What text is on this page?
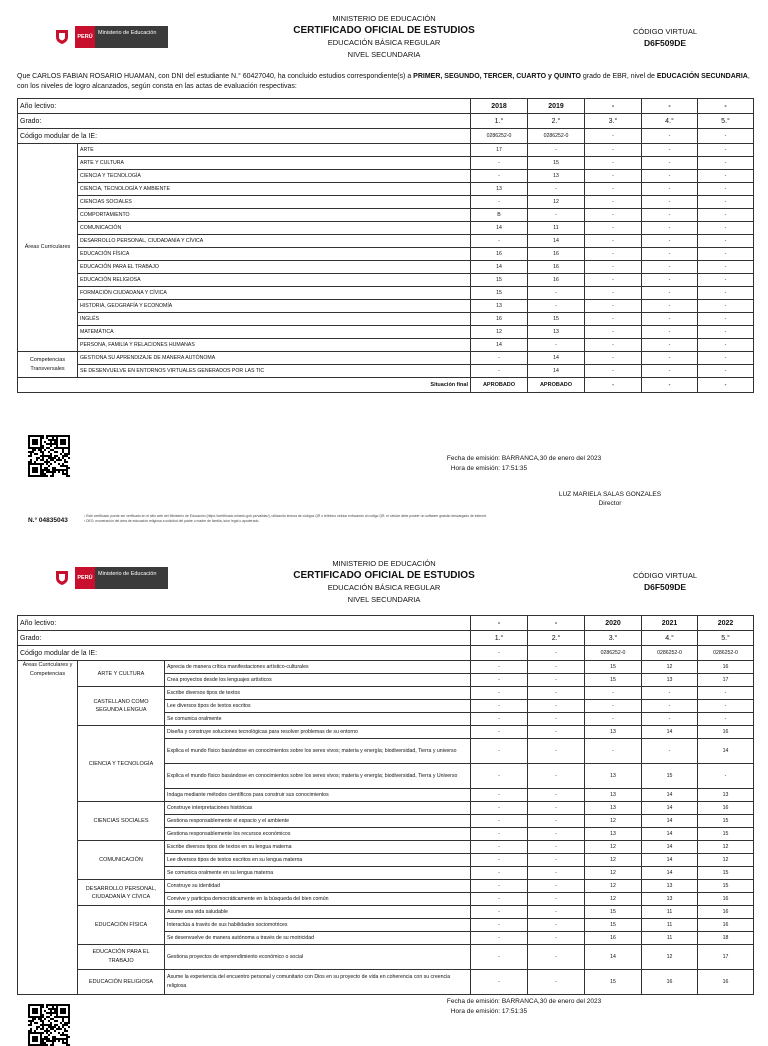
PERÚ
Ministerio de Educación
MINISTERIO DE EDUCACIÓN
CERTIFICADO OFICIAL DE ESTUDIOS
EDUCACIÓN BÁSICA REGULAR
NIVEL SECUNDARIA
CÓDIGO VIRTUAL
D6F509DE
Que CARLOS FABIAN ROSARIO HUAMAN, con DNI del estudiante N.° 60427040, ha concluido estudios correspondiente(s) a PRIMER, SEGUNDO, TERCER, CUARTO y QUINTO grado de EBR, nivel de EDUCACIÓN SECUNDARIA, con los niveles de logro alcanzados, según consta en las actas de evaluación respectivas:
Año lectivo:		2018	2019	-	-	-
Grado:		1.°	2.°	3.°	4.°	5.°
Código modular de la IE:		0286252-0	0286252-0	-	-	-
Áreas Curriculares	ARTE	17	-	-	-	-
	ARTE Y CULTURA	-	15	-	-	-
	CIENCIA Y TECNOLOGÍA	-	13	-	-	-
	CIENCIA, TECNOLOGÍA Y AMBIENTE	13	-	-	-	-
	CIENCIAS SOCIALES	-	12	-	-	-
	COMPORTAMIENTO	B	-	-	-	-
	COMUNICACIÓN	14	11	-	-	-
	DESARROLLO PERSONAL, CIUDADANÍA Y CÍVICA	-	14	-	-	-
	EDUCACIÓN FÍSICA	16	16	-	-	-
	EDUCACIÓN PARA EL TRABAJO	14	16	-	-	-
	EDUCACIÓN RELIGIOSA	15	16	-	-	-
	FORMACIÓN CIUDADANA Y CÍVICA	15	-	-	-	-
	HISTORIA, GEOGRAFÍA Y ECONOMÍA	13	-	-	-	-
	INGLÉS	16	15	-	-	-
	MATEMÁTICA	12	13	-	-	-
	PERSONA, FAMILIA Y RELACIONES HUMANAS	14	-	-	-	-
Competencias Transversales	GESTIONA SU APRENDIZAJE DE MANERA AUTÓNOMA	-	14	-	-	-
	SE DESENVUELVE EN ENTORNOS VIRTUALES GENERADOS POR LAS TIC	-	14	-	-	-
Situación final		APROBADO	APROBADO	-	-	-
N.° 04835043
Fecha de emisión: BARRANCA,30 de enero del 2023
Hora de emisión: 17:51:35
LUZ MARIELA SALAS GONZALES
Director
¹ Este certificado puede ser verificado en el sitio web del Ministerio de Educación (https://certificado.minedu.gob.pe/validar/), utilizando lectora de códigos QR o teléfono celular enfocando al código QR. el celular debe poseer un software gratuito descargado de internet.
² DEO: exoneración del área de educación religiosa a solicitud del padre o madre de familia, tutor legal o apoderado.
PERÚ
Ministerio de Educación
MINISTERIO DE EDUCACIÓN
CERTIFICADO OFICIAL DE ESTUDIOS
EDUCACIÓN BÁSICA REGULAR
NIVEL SECUNDARIA
CÓDIGO VIRTUAL
D6F509DE
Año lectivo:			-	-	2020	2021	2022
Grado:			1.°	2.°	3.°	4.°	5.°
Código modular de la IE:			-	-	0286252-0	0286252-0	0286252-0
Áreas Curriculares y Competencias	ARTE Y CULTURA	Aprecia de manera crítica manifestaciones artístico-culturales	-	-	15	12	16
		Crea proyectos desde los lenguajes artísticos	-	-	15	13	17
	CASTELLANO COMO SEGUNDA LENGUA	Escribe diversos tipos de textos	-	-	-	-	-
		Lee diversos tipos de textos escritos	-	-	-	-	-
		Se comunica oralmente	-	-	-	-	-
	CIENCIA Y TECNOLOGÍA	Diseña y construye soluciones tecnológicas para resolver problemas de su entorno	-	-	13	14	16
		Explica el mundo físico basándose en conocimientos sobre los seres vivos; materia y energía; biodiversidad, Tierra y universo	-	-	-	-	14
		Explica el mundo físico basándose en conocimientos sobre los seres vivos; materia y energía; biodiversidad, Tierra y Universo	-	-	13	15	-
		Indaga mediante métodos científicos para construir sus conocimientos	-	-	13	14	13
	CIENCIAS SOCIALES	Construye interpretaciones históricas	-	-	13	14	16
		Gestiona responsablemente el espacio y el ambiente	-	-	12	14	15
		Gestiona responsablemente los recursos económicos	-	-	13	14	15
	COMUNICACIÓN	Escribe diversos tipos de textos en su lengua materna	-	-	12	14	12
		Lee diversos tipos de textos escritos en su lengua materna	-	-	12	14	12
		Se comunica oralmente en su lengua materna	-	-	12	14	15
	DESARROLLO PERSONAL, CIUDADANÍA Y CÍVICA	Construye su identidad	-	-	12	13	15
		Convive y participa democráticamente en la búsqueda del bien común	-	-	12	13	16
	EDUCACIÓN FÍSICA	Asume una vida saludable	-	-	15	11	16
		Interactúa a través de sus habilidades sociomotrices	-	-	15	11	16
		Se desenvuelve de manera autónoma a través de su motricidad	-	-	16	11	18
	EDUCACIÓN PARA EL TRABAJO	Gestiona proyectos de emprendimiento económico o social	-	-	14	12	17
	EDUCACIÓN RELIGIOSA	Asume la experiencia del encuentro personal y comunitario con Dios en su proyecto de vida en coherencia con su creencia religiosa	-	-	15	16	16
Fecha de emisión: BARRANCA,30 de enero del 2023
Hora de emisión: 17:51:35
